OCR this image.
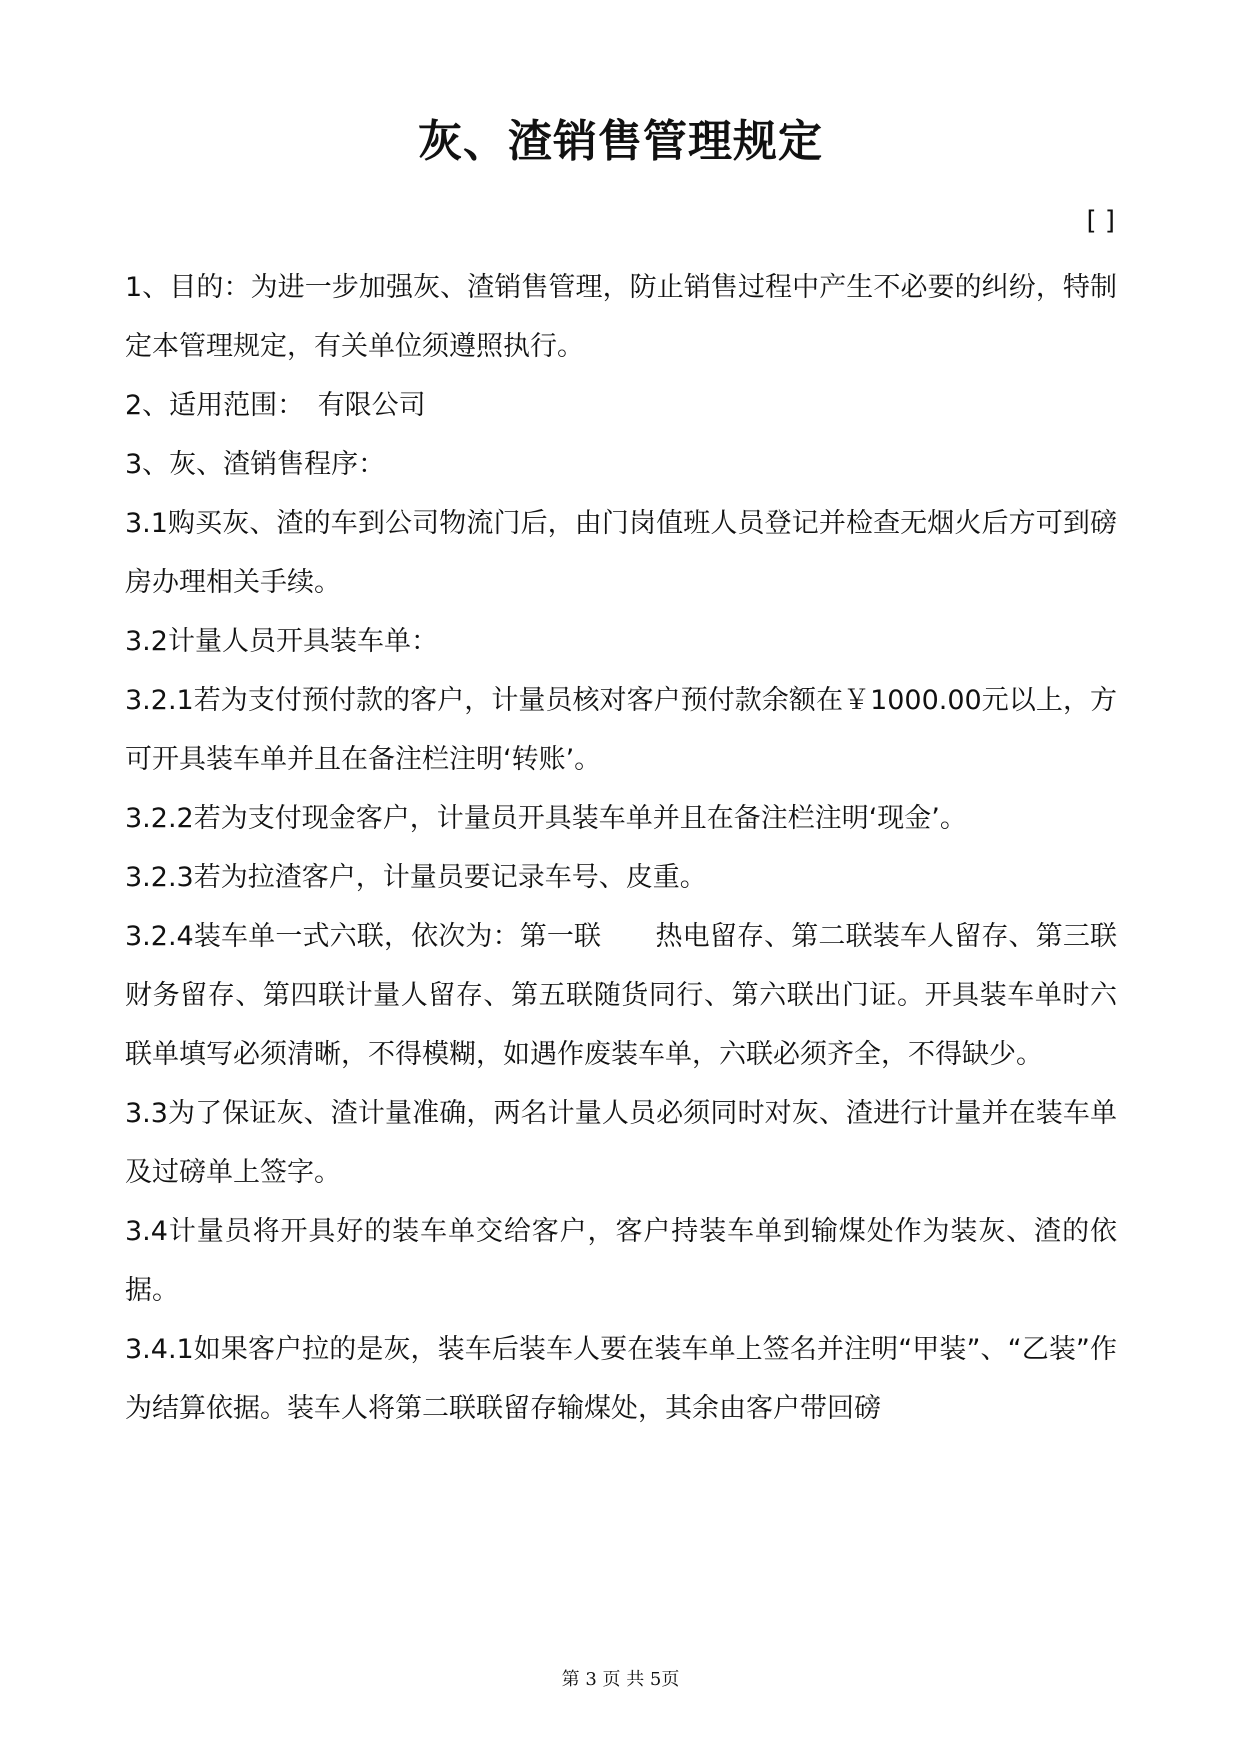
灰、渣销售管理规定
[ ]

1、目的：为进一步加强灰、渣销售管理，防止销售过程中产生不必要的纠纷，特制定本管理规定，有关单位须遵照执行。

2、适用范围：　有限公司

3、灰、渣销售程序：

3.1购买灰、渣的车到公司物流门后，由门岗值班人员登记并检查无烟火后方可到磅房办理相关手续。

3.2计量人员开具装车单：

3.2.1若为支付预付款的客户，计量员核对客户预付款余额在￥1000.00元以上，方可开具装车单并且在备注栏注明‘转账’。

3.2.2若为支付现金客户，计量员开具装车单并且在备注栏注明‘现金’。

3.2.3若为拉渣客户，计量员要记录车号、皮重。

3.2.4装车单一式六联，依次为：第一联　　热电留存、第二联装车人留存、第三联财务留存、第四联计量人留存、第五联随货同行、第六联出门证。开具装车单时六联单填写必须清晰，不得模糊，如遇作废装车单，六联必须齐全，不得缺少。

3.3为了保证灰、渣计量准确，两名计量人员必须同时对灰、渣进行计量并在装车单及过磅单上签字。

3.4计量员将开具好的装车单交给客户，客户持装车单到输煤处作为装灰、渣的依据。

3.4.1如果客户拉的是灰，装车后装车人要在装车单上签名并注明“甲装”、“乙装”作为结算依据。装车人将第二联联留存输煤处，其余由客户带回磅

第 3 页 共 5页
